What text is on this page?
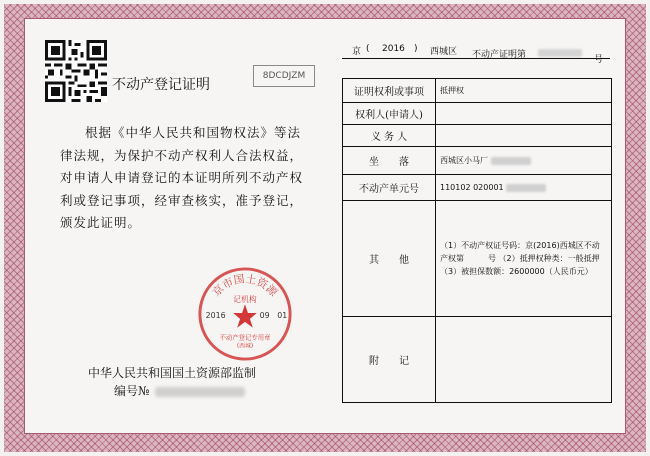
不动产登记证明
8DCDJZM
根据《中华人民共和国物权法》等法律法规，为保护不动产权利人合法权益，对申请人申请登记的本证明所列不动产权利或登记事项，经审查核实，准予登记，颁发此证明。
京市国土资源
记机构
2016	09 01
不动产登记专用章
(西城)
中华人民共和国国土资源部监制
编号№
京 ( 2016 ) 西城区 不动产证明第	号
证明权利或事项	抵押权
权利人(申请人)	
义 务 人	
坐　　落	西城区小马厂
不动产单元号	110102 020001
其　　他	（1）不动产权证号码：京(2016)西城区不动产权第　　　号 （2）抵押权种类：一般抵押 （3）被担保数额：2600000（人民币元）
附　　记	
